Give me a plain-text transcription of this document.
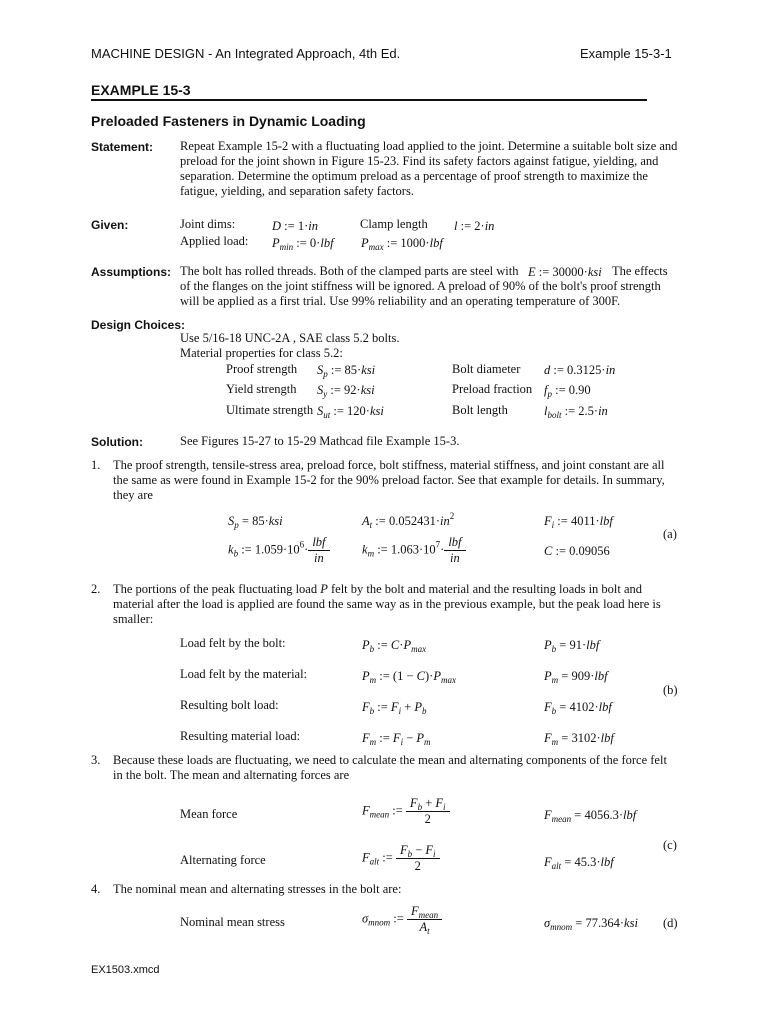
MACHINE DESIGN - An Integrated Approach, 4th Ed.	Example 15-3-1
EXAMPLE 15-3
Preloaded Fasteners in Dynamic Loading
Statement: Repeat Example 15-2 with a fluctuating load applied to the joint. Determine a suitable bolt size and preload for the joint shown in Figure 15-23. Find its safety factors against fatigue, yielding, and separation. Determine the optimum preload as a percentage of proof strength to maximize the fatigue, yielding, and separation safety factors.
Given:	Joint dims:	D := 1·in	Clamp length l := 2·in
Applied load: $P_{min}$ := 0·lbf $P_{max}$ := 1000·lbf
Assumptions: The bolt has rolled threads. Both of the clamped parts are steel with E := 30000·ksi The effects of the flanges on the joint stiffness will be ignored. A preload of 90% of the bolt's proof strength will be applied as a first trial. Use 99% reliability and an operating temperature of 300F.
Design Choices:
Use 5/16-18 UNC-2A , SAE class 5.2 bolts.
Material properties for class 5.2:
Proof strength $S_p$ := 85·ksi	Bolt diameter d := 0.3125·in
Yield strength $S_y$ := 92·ksi	Preload fraction $f_p$ := 0.90
Ultimate strength $S_{ut}$ := 120·ksi	Bolt length	$l_{bolt}$ := 2.5·in
Solution:	See Figures 15-27 to 15-29 Mathcad file Example 15-3.
1. The proof strength, tensile-stress area, preload force, bolt stiffness, material stiffness, and joint constant are all the same as were found in Example 15-2 for the 90% preload factor. See that example for details. In summary, they are
$S_p = 85\cdot ksi$	$A_t$ := $0.052431\cdot in^2$	$F_i$ := 4011·lbf
(a)
$k_b$ := $1.059\cdot 10^6\cdot \frac{\text{lbf}}{in}$	$k_m$ := $1.063\cdot 10^7\cdot \frac{\text{lbf}}{in}$	C := 0.09056
2. The portions of the peak fluctuating load P felt by the bolt and material and the resulting loads in bolt and material after the load is applied are found the same way as in the previous example, but the peak load here is smaller:
Load felt by the bolt:	$P_b$ := $C\cdot P_{max}$	$P_b = 91\cdot lbf$
Load felt by the material:	$P_m$ := $(1 - C)\cdot P_{max}$	$P_m = 909\cdot lbf$
(b)
Resulting bolt load:	$F_b$ := $F_i + P_b$	$F_b = 4102\cdot lbf$
Resulting material load:	$F_m$ := $F_i - P_m$	$F_m = 3102\cdot lbf$
3. Because these loads are fluctuating, we need to calculate the mean and alternating components of the force felt in the bolt. The mean and alternating forces are
Mean force	$F_{mean}$ := $\frac{F_b + F_i}{2}$	$F_{mean} = 4056.3\cdot lbf$
(c)
Alternating force	$F_{alt}$ := $\frac{F_b - F_i}{2}$	$F_{alt} = 45.3\cdot lbf$
4. The nominal mean and alternating stresses in the bolt are:
Nominal mean stress	$\sigma_{mnom}$ := $\frac{F_{mean}}{A_t}$	$\sigma_{mnom} = 77.364\cdot ksi$ (d)
EX1503.xmcd
